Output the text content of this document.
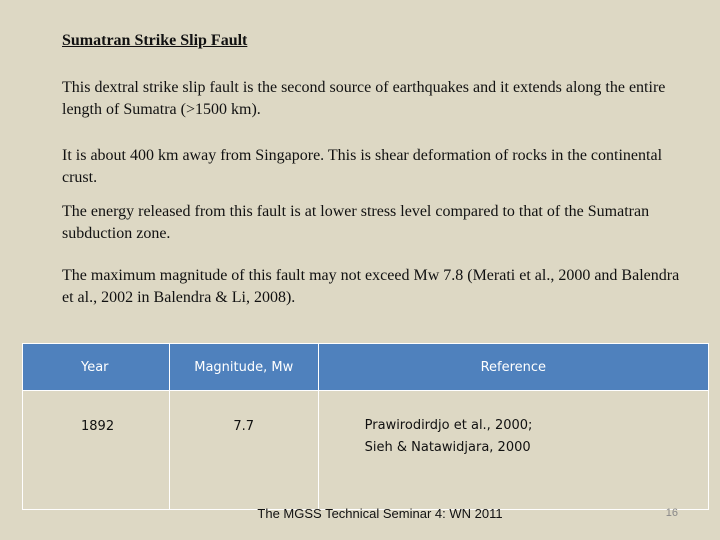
Sumatran Strike Slip Fault
This dextral strike slip fault is the second source of earthquakes and it extends along the entire length of Sumatra (>1500 km).
It is about 400 km away from Singapore. This is shear deformation of rocks in the continental crust.
The energy released from this fault is at lower stress level compared to that of the Sumatran subduction zone.
The maximum magnitude of this fault may not exceed Mw 7.8 (Merati et al., 2000 and Balendra et al., 2002 in Balendra & Li, 2008).
Year	Magnitude, Mw	Reference
1892	7.7	Prawirodirdjo et al., 2000;
Sieh & Natawidjara, 2000
The MGSS Technical Seminar 4: WN 2011	16
